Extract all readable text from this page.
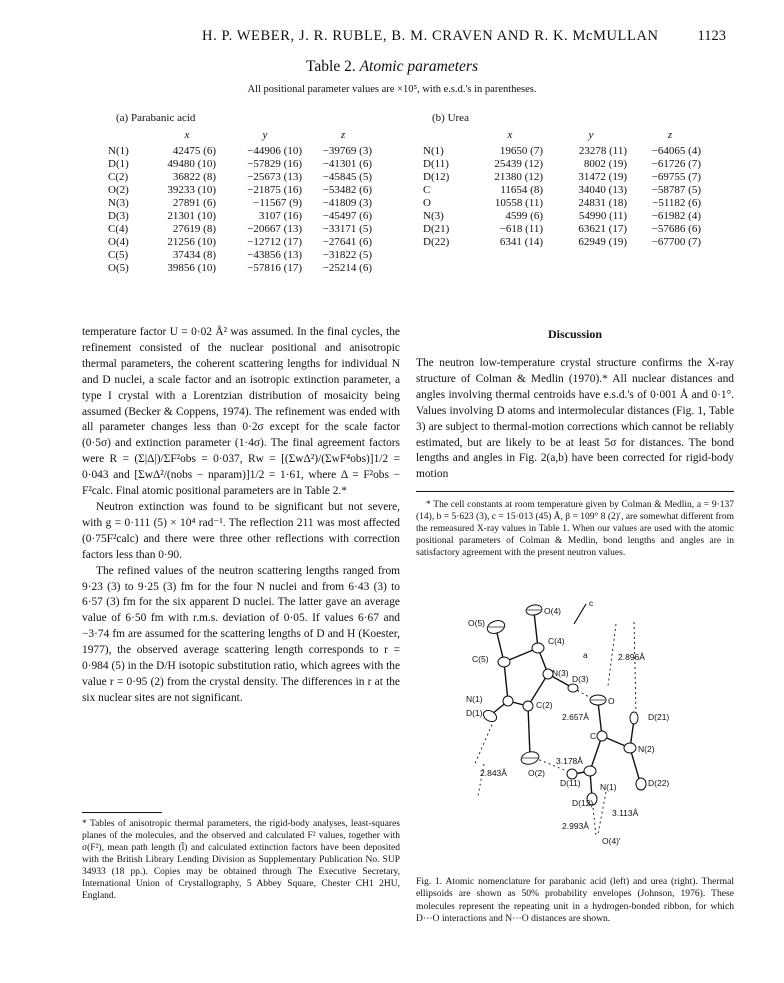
H. P. WEBER, J. R. RUBLE, B. M. CRAVEN AND R. K. McMULLAN	1123
Table 2. Atomic parameters
All positional parameter values are ×10⁵, with e.s.d.'s in parentheses.
(a) Parabanic acid
	x	y	z
N(1)	42475 (6)	−44906 (10)	−39769 (3)
D(1)	49480 (10)	−57829 (16)	−41301 (6)
C(2)	36822 (8)	−25673 (13)	−45845 (5)
O(2)	39233 (10)	−21875 (16)	−53482 (6)
N(3)	27891 (6)	−11567 (9)	−41809 (3)
D(3)	21301 (10)	3107 (16)	−45497 (6)
C(4)	27619 (8)	−20667 (13)	−33171 (5)
O(4)	21256 (10)	−12712 (17)	−27641 (6)
C(5)	37434 (8)	−43856 (13)	−31822 (5)
O(5)	39856 (10)	−57816 (17)	−25214 (6)
(b) Urea
	x	y	z
N(1)	19650 (7)	23278 (11)	−64065 (4)
D(11)	25439 (12)	8002 (19)	−61726 (7)
D(12)	21380 (12)	31472 (19)	−69755 (7)
C	11654 (8)	34040 (13)	−58787 (5)
O	10558 (11)	24831 (18)	−51182 (6)
N(3)	4599 (6)	54990 (11)	−61982 (4)
D(21)	−618 (11)	63621 (17)	−57686 (6)
D(22)	6341 (14)	62949 (19)	−67700 (7)

temperature factor U = 0·02 Å² was assumed. In the final cycles, the refinement consisted of the nuclear positional and anisotropic thermal parameters, the coherent scattering lengths for individual N and D nuclei, a scale factor and an isotropic extinction parameter, a type I crystal with a Lorentzian distribution of mosaicity being assumed (Becker & Coppens, 1974). The refinement was ended with all parameter changes less than 0·2σ except for the scale factor (0·5σ) and extinction parameter (1·4σ). The final agreement factors were R = (Σ|Δ|)/ΣF²obs = 0·037, Rw = [(ΣwΔ²)/(ΣwF⁴obs)]1/2 = 0·043 and [ΣwΔ²/(nobs − nparam)]1/2 = 1·61, where Δ = F²obs − F²calc. Final atomic positional parameters are in Table 2.*

Neutron extinction was found to be significant but not severe, with g = 0·111 (5) × 10⁴ rad⁻¹. The reflection 211 was most affected (0·75F²calc) and there were three other reflections with correction factors less than 0·90.

The refined values of the neutron scattering lengths ranged from 9·23 (3) to 9·25 (3) fm for the four N nuclei and from 6·43 (3) to 6·57 (3) fm for the six apparent D nuclei. The latter gave an average value of 6·50 fm with r.m.s. deviation of 0·05. If values 6·67 and −3·74 fm are assumed for the scattering lengths of D and H (Koester, 1977), the observed average scattering length corresponds to r = 0·984 (5) in the D/H isotopic substitution ratio, which agrees with the value r = 0·95 (2) from the crystal density. The differences in r at the six nuclear sites are not significant.

* Tables of anisotropic thermal parameters, the rigid-body analyses, least-squares planes of the molecules, and the observed and calculated F² values, together with σ(F²), mean path length (l̄) and calculated extinction factors have been deposited with the British Library Lending Division as Supplementary Publication No. SUP 34933 (18 pp.). Copies may be obtained through The Executive Secretary, International Union of Crystallography, 5 Abbey Square, Chester CH1 2HU, England.

Discussion

The neutron low-temperature crystal structure confirms the X-ray structure of Colman & Medlin (1970).* All nuclear distances and angles involving thermal centroids have e.s.d.'s of 0·001 Å and 0·1°. Values involving D atoms and intermolecular distances (Fig. 1, Table 3) are subject to thermal-motion corrections which cannot be reliably estimated, but are likely to be at least 5σ for distances. The bond lengths and angles in Fig. 2(a,b) have been corrected for rigid-body motion

* The cell constants at room temperature given by Colman & Medlin, a = 9·137 (14), b = 5·623 (3), c = 15·013 (45) Å, β = 109° 8 (2)′, are somewhat different from the remeasured X-ray values in Table 1. When our values are used with the atomic positional parameters of Colman & Medlin, bond lengths and angles are in satisfactory agreement with the present neutron values.

O(5)
O(4)
c
C(4)
C(5)	a	2.896Å
N(3)
D(3)
N(1)	O
D(21)
D(1)	2.657Å
C(2)
C
N(2)
3.178Å
2.843Å O(2)
D(11) N(1)	D(22)
D(12)
3.113Å
2.993Å
O(4)′
Fig. 1. Atomic nomenclature for parabanic acid (left) and urea (right). Thermal ellipsoids are shown as 50% probability envelopes (Johnson, 1976). These molecules represent the repeating unit in a hydrogen-bonded ribbon, for which D···O interactions and N···O distances are shown.
